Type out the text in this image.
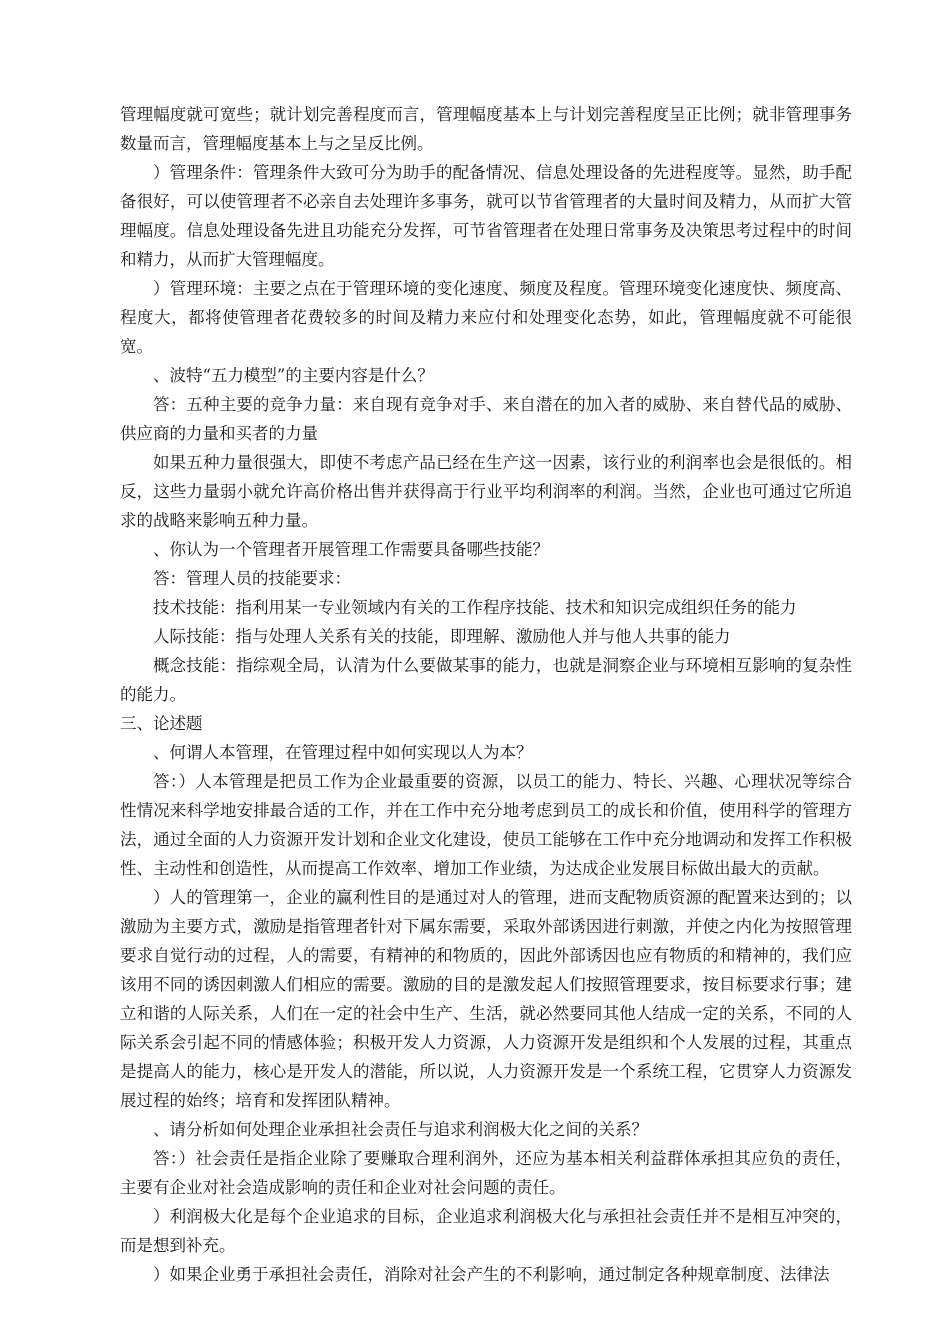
管理幅度就可宽些；就计划完善程度而言，管理幅度基本上与计划完善程度呈正比例；就非管理事务数量而言，管理幅度基本上与之呈反比例。

）管理条件：管理条件大致可分为助手的配备情况、信息处理设备的先进程度等。显然，助手配备很好，可以使管理者不必亲自去处理许多事务，就可以节省管理者的大量时间及精力，从而扩大管理幅度。信息处理设备先进且功能充分发挥，可节省管理者在处理日常事务及决策思考过程中的时间和精力，从而扩大管理幅度。

）管理环境：主要之点在于管理环境的变化速度、频度及程度。管理环境变化速度快、频度高、程度大，都将使管理者花费较多的时间及精力来应付和处理变化态势，如此，管理幅度就不可能很宽。

、波特“五力模型”的主要内容是什么？

答：五种主要的竞争力量：来自现有竞争对手、来自潜在的加入者的威胁、来自替代品的威胁、供应商的力量和买者的力量

如果五种力量很强大，即使不考虑产品已经在生产这一因素，该行业的利润率也会是很低的。相反，这些力量弱小就允许高价格出售并获得高于行业平均利润率的利润。当然，企业也可通过它所追求的战略来影响五种力量。

、你认为一个管理者开展管理工作需要具备哪些技能？

答：管理人员的技能要求：

技术技能：指利用某一专业领域内有关的工作程序技能、技术和知识完成组织任务的能力

人际技能：指与处理人关系有关的技能，即理解、激励他人并与他人共事的能力

概念技能：指综观全局，认清为什么要做某事的能力，也就是洞察企业与环境相互影响的复杂性的能力。

三、论述题

、何谓人本管理，在管理过程中如何实现以人为本？

答：）人本管理是把员工作为企业最重要的资源，以员工的能力、特长、兴趣、心理状况等综合性情况来科学地安排最合适的工作，并在工作中充分地考虑到员工的成长和价值，使用科学的管理方法，通过全面的人力资源开发计划和企业文化建设，使员工能够在工作中充分地调动和发挥工作积极性、主动性和创造性，从而提高工作效率、增加工作业绩，为达成企业发展目标做出最大的贡献。

）人的管理第一，企业的赢利性目的是通过对人的管理，进而支配物质资源的配置来达到的；以激励为主要方式，激励是指管理者针对下属东需要，采取外部诱因进行刺激，并使之内化为按照管理要求自觉行动的过程，人的需要，有精神的和物质的，因此外部诱因也应有物质的和精神的，我们应该用不同的诱因刺激人们相应的需要。激励的目的是激发起人们按照管理要求，按目标要求行事；建立和谐的人际关系，人们在一定的社会中生产、生活，就必然要同其他人结成一定的关系，不同的人际关系会引起不同的情感体验；积极开发人力资源，人力资源开发是组织和个人发展的过程，其重点是提高人的能力，核心是开发人的潜能，所以说，人力资源开发是一个系统工程，它贯穿人力资源发展过程的始终；培育和发挥团队精神。

、请分析如何处理企业承担社会责任与追求利润极大化之间的关系？

答：）社会责任是指企业除了要赚取合理利润外，还应为基本相关利益群体承担其应负的责任，主要有企业对社会造成影响的责任和企业对社会问题的责任。

）利润极大化是每个企业追求的目标，企业追求利润极大化与承担社会责任并不是相互冲突的，而是想到补充。

）如果企业勇于承担社会责任，消除对社会产生的不利影响，通过制定各种规章制度、法律法
